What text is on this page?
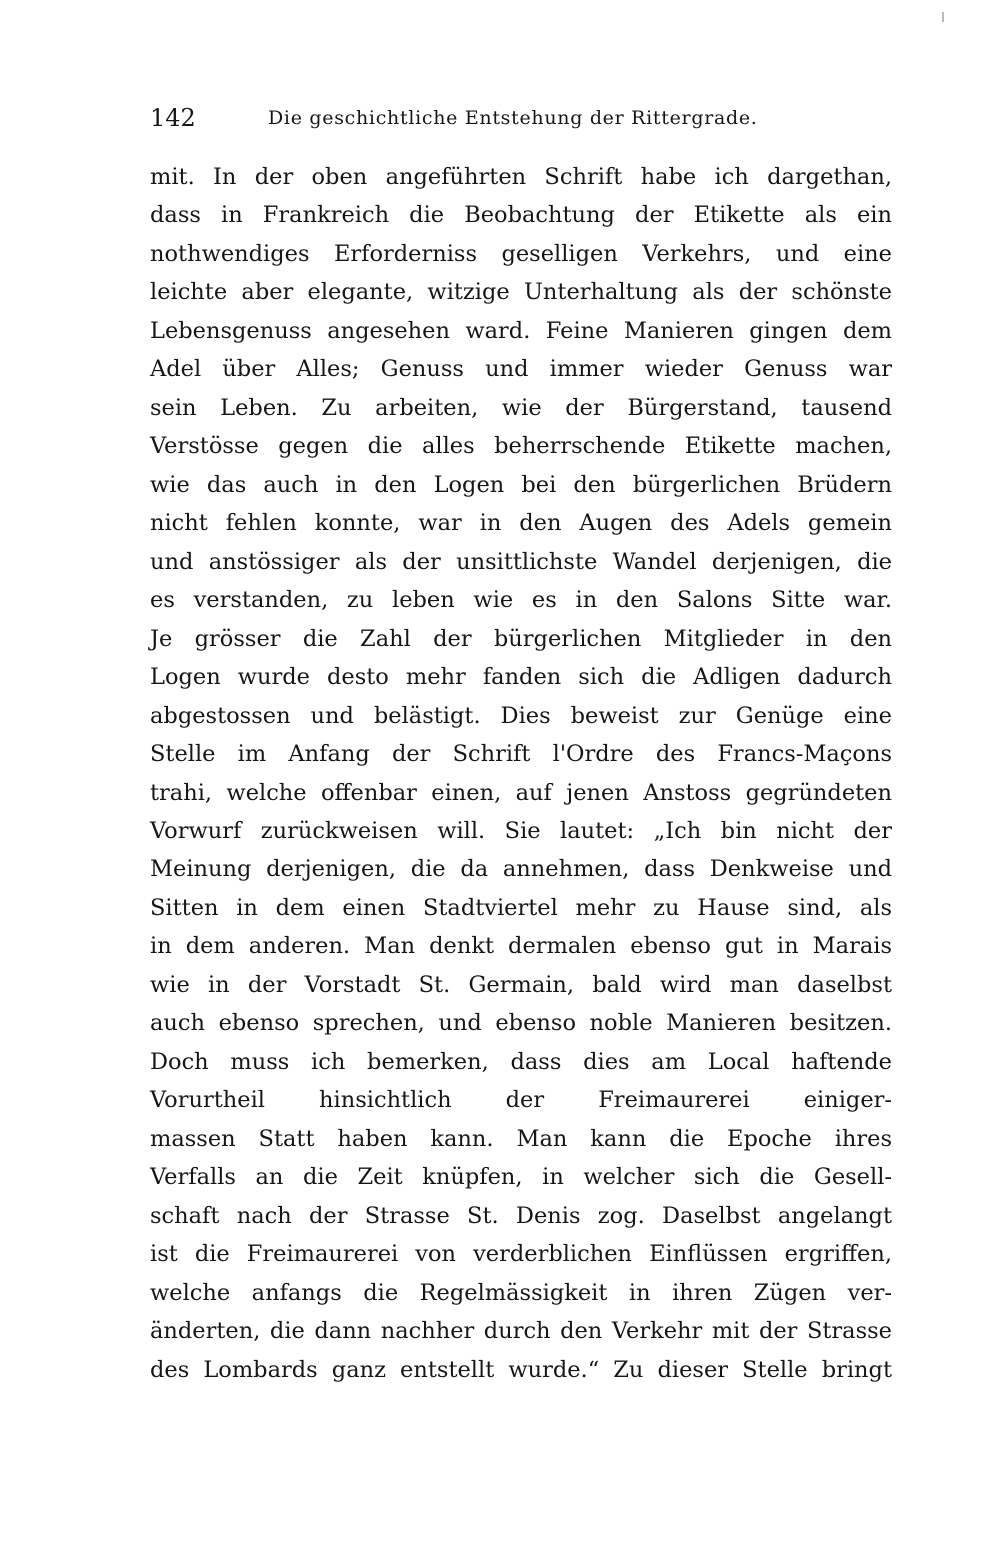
142	Die geschichtliche Entstehung der Rittergrade.
mit. In der oben angeführten Schrift habe ich dargethan,
dass in Frankreich die Beobachtung der Etikette als ein
nothwendiges Erforderniss geselligen Verkehrs, und eine
leichte aber elegante, witzige Unterhaltung als der schönste
Lebensgenuss angesehen ward. Feine Manieren gingen dem
Adel über Alles; Genuss und immer wieder Genuss war
sein Leben. Zu arbeiten, wie der Bürgerstand, tausend
Verstösse gegen die alles beherrschende Etikette machen,
wie das auch in den Logen bei den bürgerlichen Brüdern
nicht fehlen konnte, war in den Augen des Adels gemein
und anstössiger als der unsittlichste Wandel derjenigen, die
es verstanden, zu leben wie es in den Salons Sitte war.
Je grösser die Zahl der bürgerlichen Mitglieder in den
Logen wurde desto mehr fanden sich die Adligen dadurch
abgestossen und belästigt. Dies beweist zur Genüge eine
Stelle im Anfang der Schrift l'Ordre des Francs-Maçons
trahi, welche offenbar einen, auf jenen Anstoss gegründeten
Vorwurf zurückweisen will. Sie lautet: „Ich bin nicht der
Meinung derjenigen, die da annehmen, dass Denkweise und
Sitten in dem einen Stadtviertel mehr zu Hause sind, als
in dem anderen. Man denkt dermalen ebenso gut in Marais
wie in der Vorstadt St. Germain, bald wird man daselbst
auch ebenso sprechen, und ebenso noble Manieren besitzen.
Doch muss ich bemerken, dass dies am Local haftende
Vorurtheil hinsichtlich der Freimaurerei einiger-
massen Statt haben kann. Man kann die Epoche ihres
Verfalls an die Zeit knüpfen, in welcher sich die Gesell-
schaft nach der Strasse St. Denis zog. Daselbst angelangt
ist die Freimaurerei von verderblichen Einflüssen ergriffen,
welche anfangs die Regelmässigkeit in ihren Zügen ver-
änderten, die dann nachher durch den Verkehr mit der Strasse
des Lombards ganz entstellt wurde.“ Zu dieser Stelle bringt
